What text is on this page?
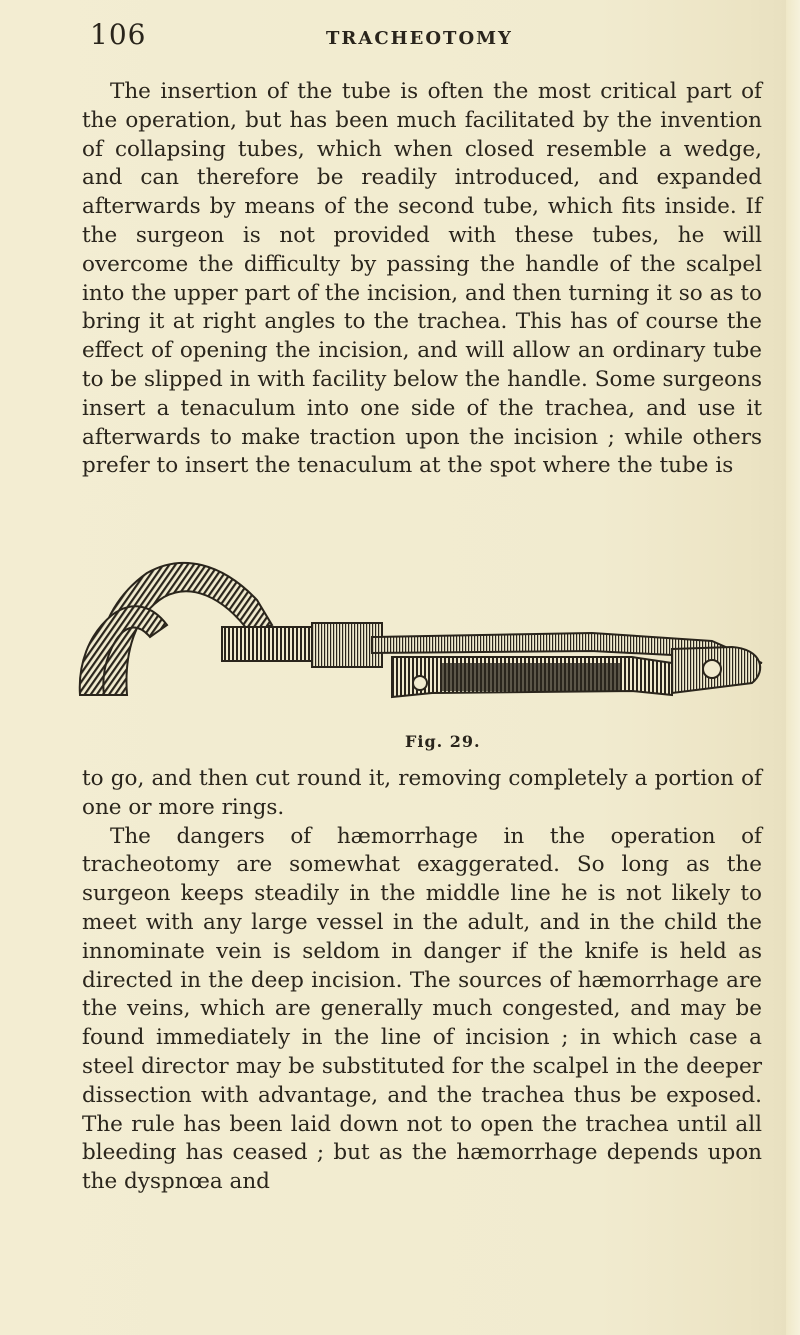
106	TRACHEOTOMY

The insertion of the tube is often the most critical part of the operation, but has been much facilitated by the invention of collapsing tubes, which when closed resemble a wedge, and can therefore be readily introduced, and expanded afterwards by means of the second tube, which fits inside. If the surgeon is not provided with these tubes, he will overcome the difficulty by passing the handle of the scalpel into the upper part of the incision, and then turning it so as to bring it at right angles to the trachea. This has of course the effect of opening the incision, and will allow an ordinary tube to be slipped in with facility below the handle. Some surgeons insert a tenaculum into one side of the trachea, and use it afterwards to make traction upon the incision ; while others prefer to insert the tenaculum at the spot where the tube is

Fig. 29.

to go, and then cut round it, removing completely a portion of one or more rings.

The dangers of hæmorrhage in the operation of tracheotomy are somewhat exaggerated. So long as the surgeon keeps steadily in the middle line he is not likely to meet with any large vessel in the adult, and in the child the innominate vein is seldom in danger if the knife is held as directed in the deep incision. The sources of hæmorrhage are the veins, which are generally much congested, and may be found immediately in the line of incision ; in which case a steel director may be substituted for the scalpel in the deeper dissection with advantage, and the trachea thus be exposed. The rule has been laid down not to open the trachea until all bleeding has ceased ; but as the hæmorrhage depends upon the dyspnœa and
